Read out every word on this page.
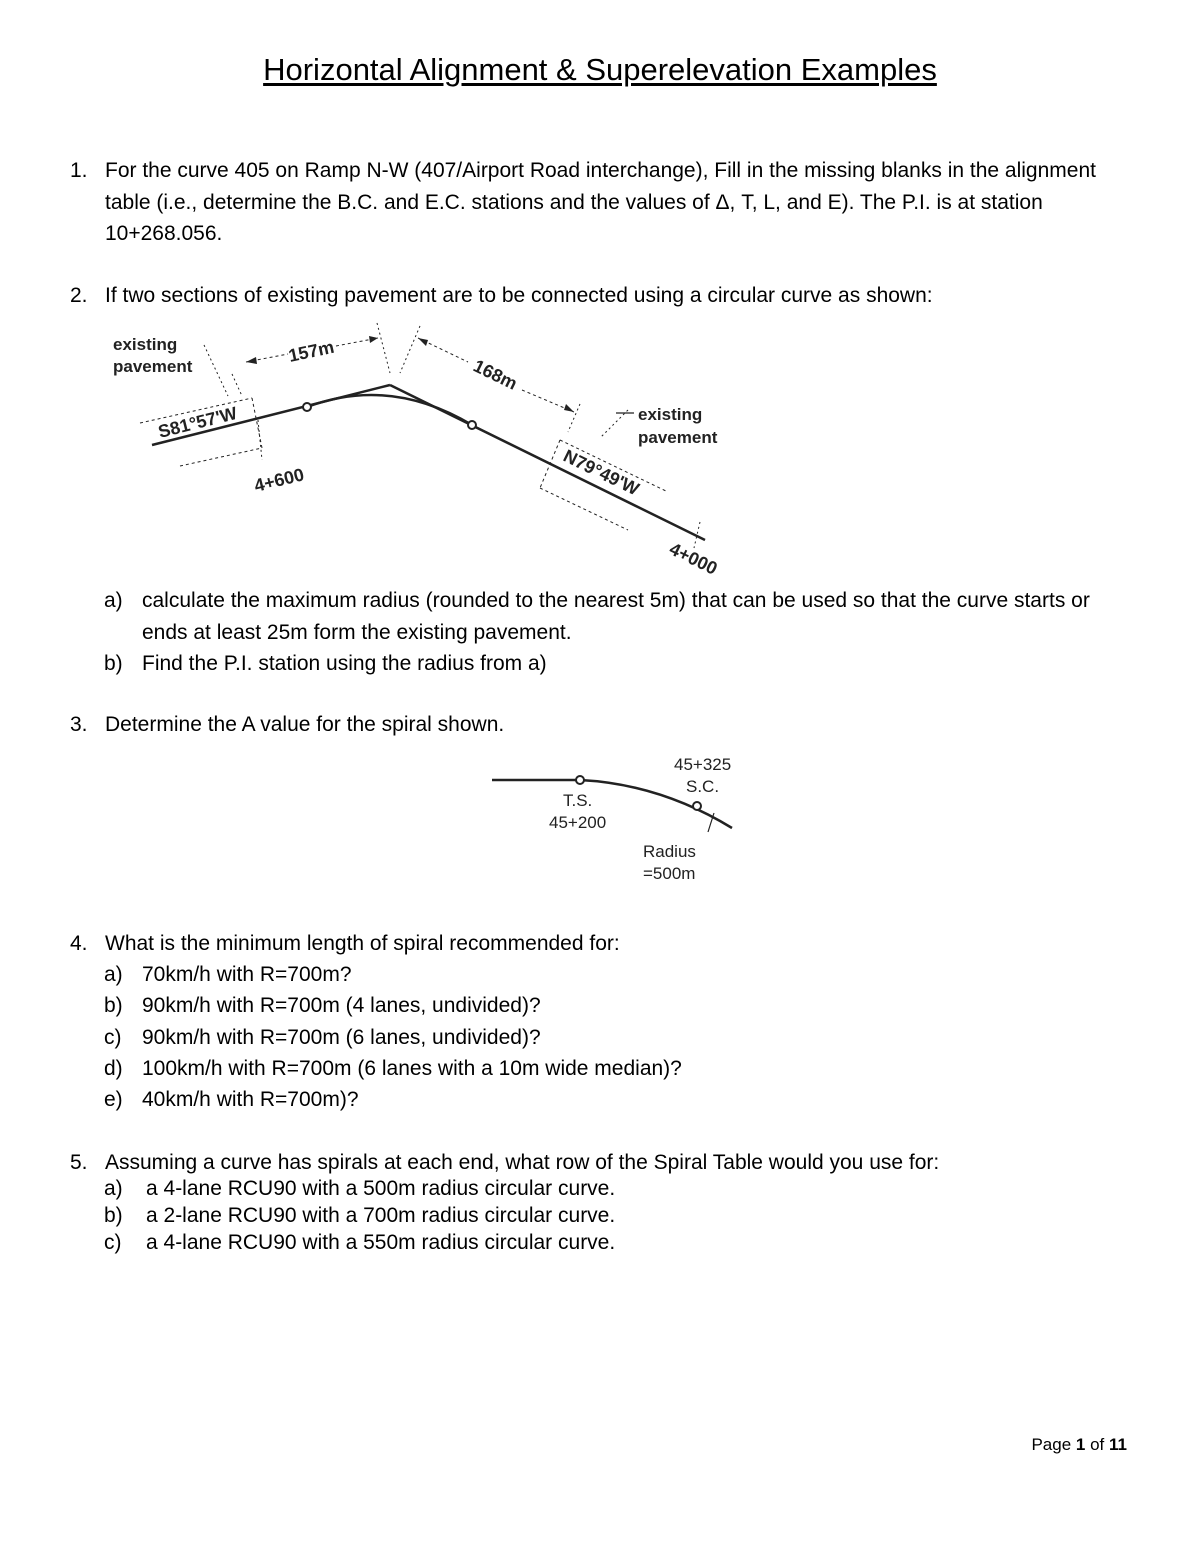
Horizontal Alignment & Superelevation Examples
1. For the curve 405 on Ramp N-W (407/Airport Road interchange), Fill in the missing blanks in the alignment table (i.e., determine the B.C. and E.C. stations and the values of Δ, T, L, and E). The P.I. is at station 10+268.056.
2. If two sections of existing pavement are to be connected using a circular curve as shown:
existing
pavement
existing
pavement
157m
168m
S81°57'W
N79°49'W
4+600
4+000
a) calculate the maximum radius (rounded to the nearest 5m) that can be used so that the curve starts or ends at least 25m form the existing pavement.
b) Find the P.I. station using the radius from a)
3. Determine the A value for the spiral shown.
45+325
S.C.
T.S.
45+200
Radius
=500m
4. What is the minimum length of spiral recommended for:
a) 70km/h with R=700m?
b) 90km/h with R=700m (4 lanes, undivided)?
c) 90km/h with R=700m (6 lanes, undivided)?
d) 100km/h with R=700m (6 lanes with a 10m wide median)?
e) 40km/h with R=700m)?
5. Assuming a curve has spirals at each end, what row of the Spiral Table would you use for:
a) a 4-lane RCU90 with a 500m radius circular curve.
b) a 2-lane RCU90 with a 700m radius circular curve.
c) a 4-lane RCU90 with a 550m radius circular curve.
Page 1 of 11
